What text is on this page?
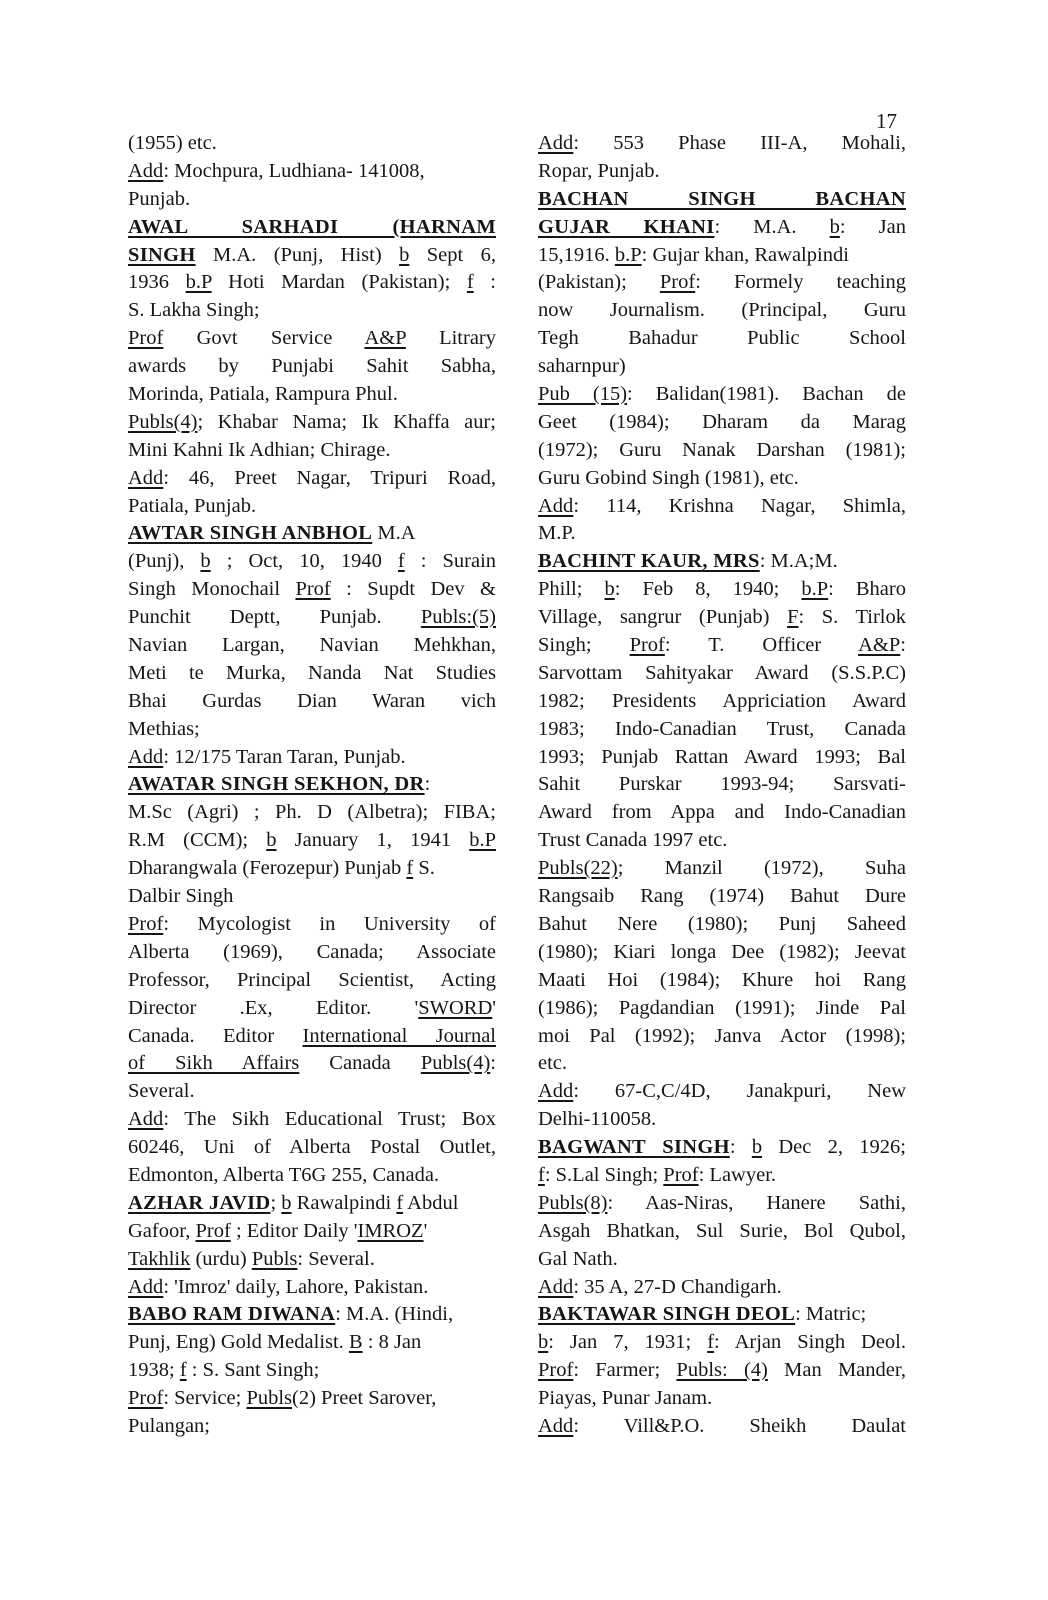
17
(1955) etc.
Add: Mochpura, Ludhiana- 141008,
Punjab.
AWAL SARHADI (HARNAM
SINGH M.A. (Punj, Hist) b Sept 6,
1936 b.P Hoti Mardan (Pakistan); f :
S. Lakha Singh;
Prof Govt Service A&P Litrary
awards by Punjabi Sahit Sabha,
Morinda, Patiala, Rampura Phul.
Publs(4); Khabar Nama; Ik Khaffa aur;
Mini Kahni Ik Adhian; Chirage.
Add: 46, Preet Nagar, Tripuri Road,
Patiala, Punjab.
AWTAR SINGH ANBHOL M.A
(Punj), b ; Oct, 10, 1940 f : Surain
Singh Monochail Prof : Supdt Dev &
Punchit Deptt, Punjab. Publs:(5)
Navian Largan, Navian Mehkhan,
Meti te Murka, Nanda Nat Studies
Bhai Gurdas Dian Waran vich
Methias;
Add: 12/175 Taran Taran, Punjab.
AWATAR SINGH SEKHON, DR:
M.Sc (Agri) ; Ph. D (Albetra); FIBA;
R.M (CCM); b January 1, 1941 b.P
Dharangwala (Ferozepur) Punjab f S.
Dalbir Singh
Prof: Mycologist in University of
Alberta (1969), Canada; Associate
Professor, Principal Scientist, Acting
Director .Ex, Editor. 'SWORD'
Canada. Editor International Journal
of Sikh Affairs Canada Publs(4):
Several.
Add: The Sikh Educational Trust; Box
60246, Uni of Alberta Postal Outlet,
Edmonton, Alberta T6G 255, Canada.
AZHAR JAVID; b Rawalpindi f Abdul
Gafoor, Prof ; Editor Daily 'IMROZ'
Takhlik (urdu) Publs: Several.
Add: 'Imroz' daily, Lahore, Pakistan.
BABO RAM DIWANA: M.A. (Hindi,
Punj, Eng) Gold Medalist. B : 8 Jan
1938; f : S. Sant Singh;
Prof: Service; Publs(2) Preet Sarover,
Pulangan;
Add: 553 Phase III-A, Mohali,
Ropar, Punjab.
BACHAN SINGH BACHAN
GUJAR KHANI: M.A. b: Jan
15,1916. b.P: Gujar khan, Rawalpindi
(Pakistan); Prof: Formely teaching
now Journalism. (Principal, Guru
Tegh Bahadur Public School
saharnpur)
Pub (15): Balidan(1981). Bachan de
Geet (1984); Dharam da Marag
(1972); Guru Nanak Darshan (1981);
Guru Gobind Singh (1981), etc.
Add: 114, Krishna Nagar, Shimla,
M.P.
BACHINT KAUR, MRS: M.A;M.
Phill; b: Feb 8, 1940; b.P: Bharo
Village, sangrur (Punjab) F: S. Tirlok
Singh; Prof: T. Officer A&P:
Sarvottam Sahityakar Award (S.S.P.C)
1982; Presidents Appriciation Award
1983; Indo-Canadian Trust, Canada
1993; Punjab Rattan Award 1993; Bal
Sahit Purskar 1993-94; Sarsvati-
Award from Appa and Indo-Canadian
Trust Canada 1997 etc.
Publs(22); Manzil (1972), Suha
Rangsaib Rang (1974) Bahut Dure
Bahut Nere (1980); Punj Saheed
(1980); Kiari longa Dee (1982); Jeevat
Maati Hoi (1984); Khure hoi Rang
(1986); Pagdandian (1991); Jinde Pal
moi Pal (1992); Janva Actor (1998);
etc.
Add: 67-C,C/4D, Janakpuri, New
Delhi-110058.
BAGWANT SINGH: b Dec 2, 1926;
f: S.Lal Singh; Prof: Lawyer.
Publs(8): Aas-Niras, Hanere Sathi,
Asgah Bhatkan, Sul Surie, Bol Qubol,
Gal Nath.
Add: 35 A, 27-D Chandigarh.
BAKTAWAR SINGH DEOL: Matric;
b: Jan 7, 1931; f: Arjan Singh Deol.
Prof: Farmer; Publs: (4) Man Mander,
Piayas, Punar Janam.
Add: Vill&P.O. Sheikh Daulat
